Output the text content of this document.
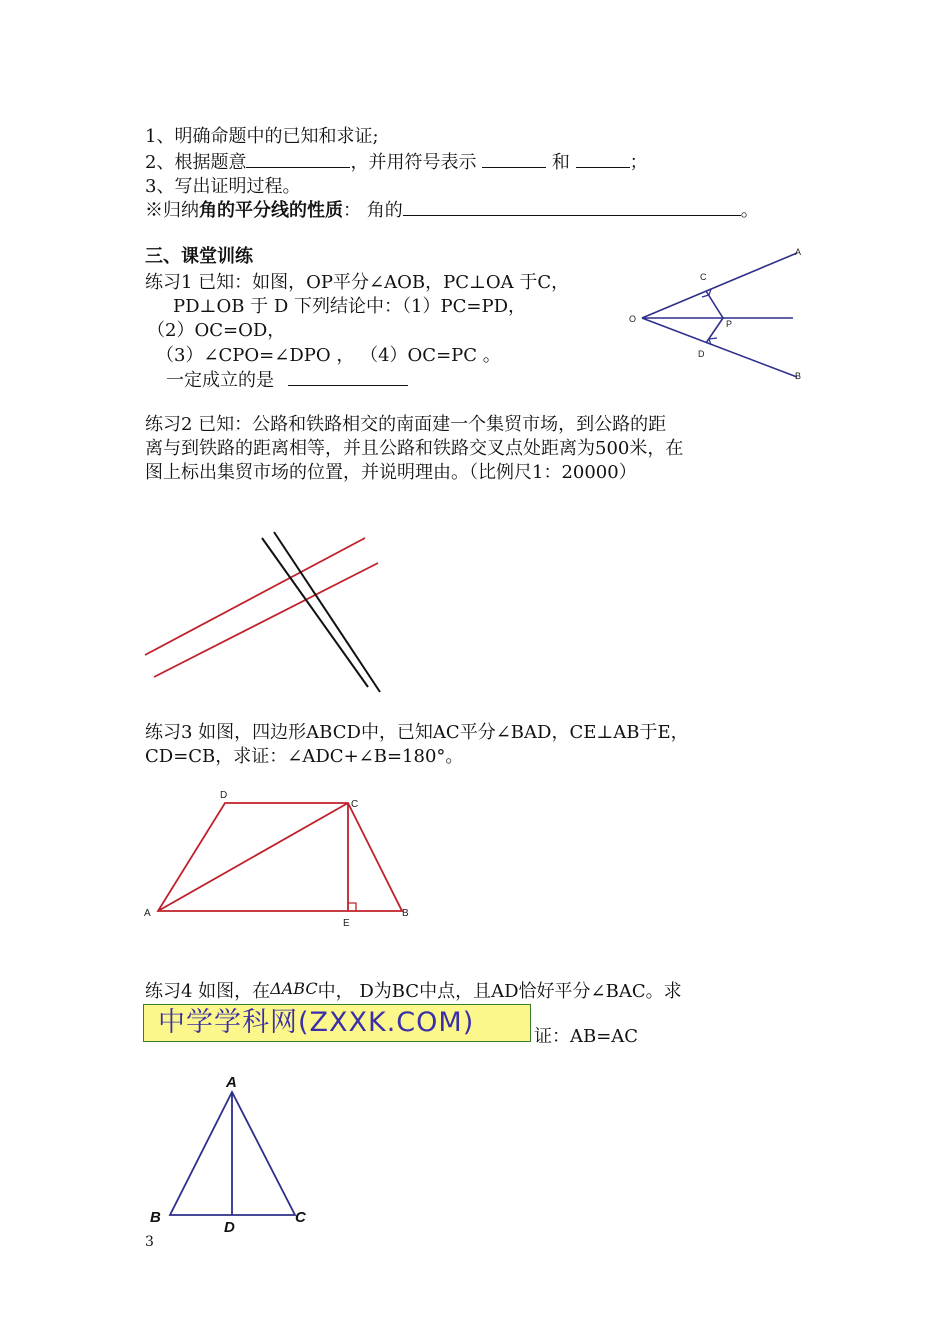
1、明确命题中的已知和求证;
2、根据题意	，并用符号表示	和	；
3、写出证明过程。
※归纳角的平分线的性质： 角的	。
三、课堂训练
练习1 已知：如图，OP平分∠AOB，PC⊥OA 于C，
PD⊥OB 于 D 下列结论中：（1）PC=PD，
（2）OC=OD，
（3）∠CPO=∠DPO ， （4）OC=PC 。
一定成立的是
C
O	P
D
A
B
练习2 已知：公路和铁路相交的南面建一个集贸市场，到公路的距
离与到铁路的距离相等，并且公路和铁路交叉点处距离为500米，在
图上标出集贸市场的位置，并说明理由。（比例尺1：20000）
练习3 如图，四边形ABCD中，已知AC平分∠BAD，CE⊥AB于E，
CD=CB，求证：∠ADC+∠B=180°。
A	B
C
D
E
练习4 如图，在ΔABC中， D为BC中点，且AD恰好平分∠BAC。求
中学学科网(ZXXK.COM)	证：AB=AC
A
B	C
D
3
